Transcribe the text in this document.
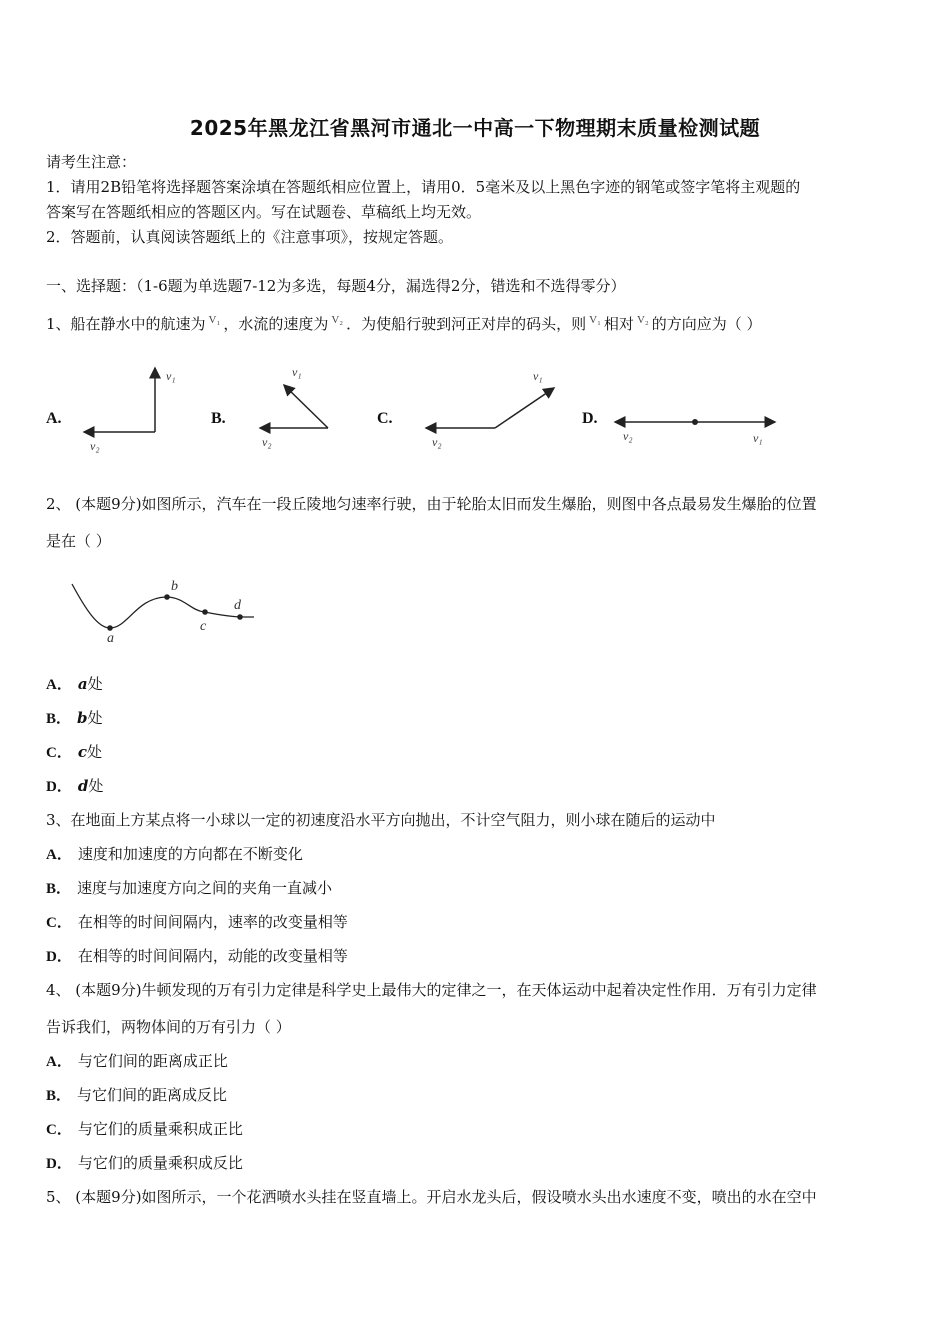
2025年黑龙江省黑河市通北一中高一下物理期末质量检测试题
请考生注意：
1．请用2B铅笔将选择题答案涂填在答题纸相应位置上，请用0．5毫米及以上黑色字迹的钢笔或签字笔将主观题的
答案写在答题纸相应的答题区内。写在试题卷、草稿纸上均无效。
2．答题前，认真阅读答题纸上的《注意事项》，按规定答题。
一、选择题：（1-6题为单选题7-12为多选，每题4分，漏选得2分，错选和不选得零分）
1、船在静水中的航速为 $^{V_1}$ ，水流的速度为 $^{V_2}$ ．为使船行驶到河正对岸的码头，则 $^{V_1}$ 相对 $^{V_2}$ 的方向应为（ ）
A.
v₁
v₂
B.
v₁
v₂
C.
v₁
v₂
D.
v₁
v₂
2、 (本题9分)如图所示，汽车在一段丘陵地匀速率行驶，由于轮胎太旧而发生爆胎，则图中各点最易发生爆胎的位置
是在（ ）
a
b
c
d
A． a处
B． b处
C． c处
D． d处
3、在地面上方某点将一小球以一定的初速度沿水平方向抛出，不计空气阻力，则小球在随后的运动中
A． 速度和加速度的方向都在不断变化
B． 速度与加速度方向之间的夹角一直减小
C． 在相等的时间间隔内，速率的改变量相等
D． 在相等的时间间隔内，动能的改变量相等
4、 (本题9分)牛顿发现的万有引力定律是科学史上最伟大的定律之一，在天体运动中起着决定性作用．万有引力定律
告诉我们，两物体间的万有引力（ ）
A． 与它们间的距离成正比
B． 与它们间的距离成反比
C． 与它们的质量乘积成正比
D． 与它们的质量乘积成反比
5、 (本题9分)如图所示，一个花洒喷水头挂在竖直墙上。开启水龙头后，假设喷水头出水速度不变，喷出的水在空中
